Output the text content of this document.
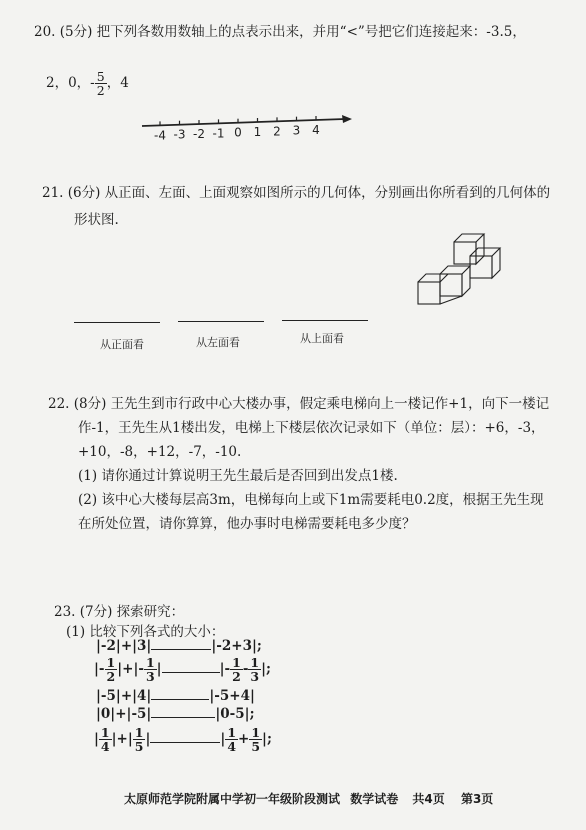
20. (5分) 把下列各数用数轴上的点表示出来，并用“<”号把它们连接起来：-3.5，
2，0，- $\frac{5}{2}$ ，4
-4 -3 -2 -1 0 1 2 3 4
21. (6分) 从正面、左面、上面观察如图所示的几何体，分别画出你所看到的几何体的
形状图.
从正面看	从左面看	从上面看
22. (8分) 王先生到市行政中心大楼办事，假定乘电梯向上一楼记作+1，向下一楼记
作-1，王先生从1楼出发，电梯上下楼层依次记录如下（单位：层）：+6，-3，
+10，-8，+12，-7，-10.
(1) 请你通过计算说明王先生最后是否回到出发点1楼.
(2) 该中心大楼每层高3m，电梯每向上或下1m需要耗电0.2度，根据王先生现
在所处位置，请你算算，他办事时电梯需要耗电多少度？
23. (7分) 探索研究：
(1) 比较下列各式的大小：
|-2|+|3|	|-2+3|;
|- $\frac{1}{2}$ |+|- $\frac{1}{3}$ |	|- $\frac{1}{2} - \frac{1}{3}$ |;
|-5|+|4|	|-5+4|
|0|+|-5|	|0-5|;
| $\frac{1}{4}$ |+| $\frac{1}{5}$ |	| $\frac{1}{4} + \frac{1}{5}$ |;
太原师范学院附属中学初一年级阶段测试 数学试卷 共4页 第3页
